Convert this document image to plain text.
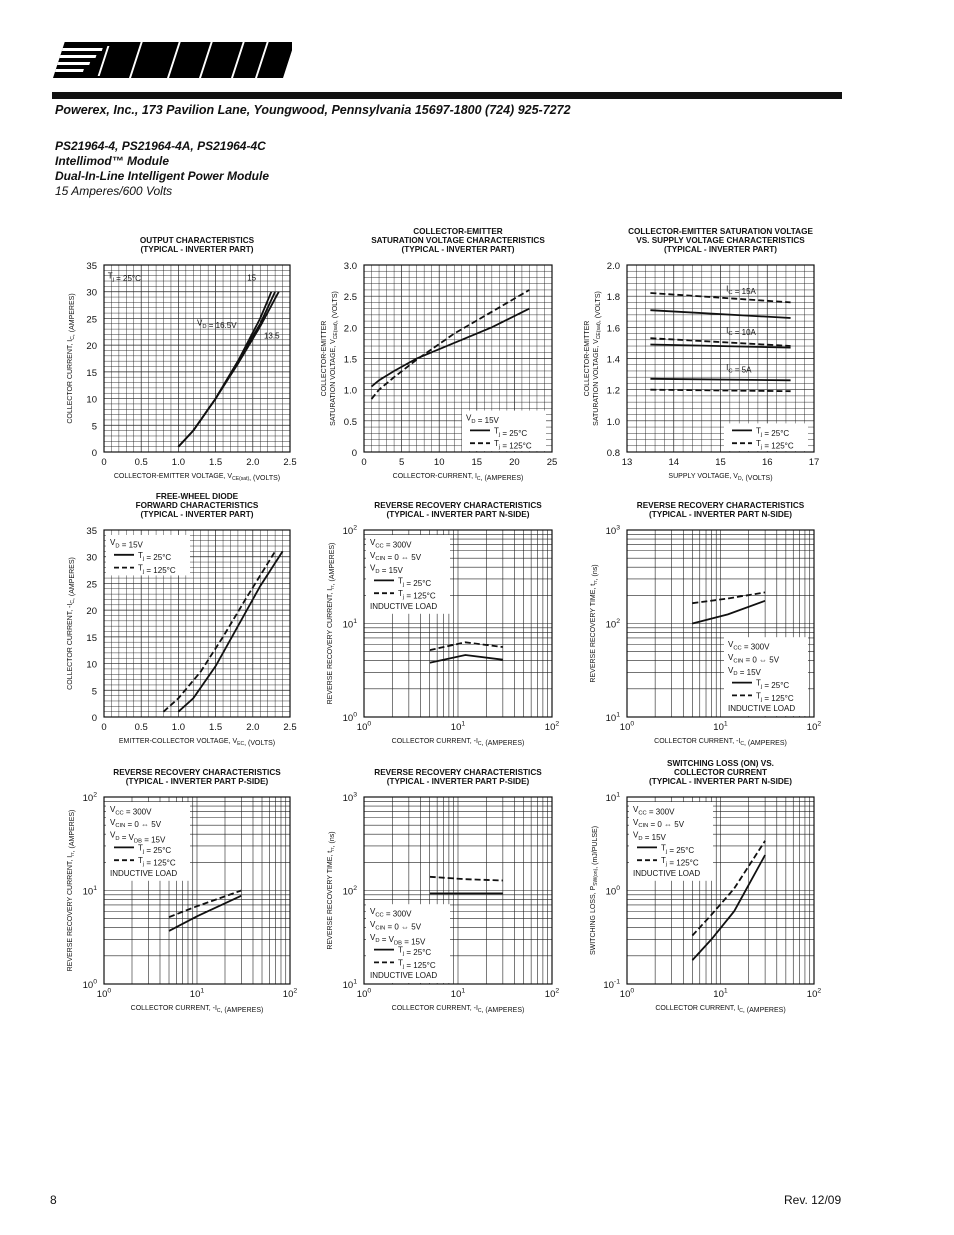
Powerex, Inc., 173 Pavilion Lane, Youngwood, Pennsylvania 15697-1800 (724) 925-7272
PS21964-4, PS21964-4A, PS21964-4C
Intellimod™ Module
Dual-In-Line Intelligent Power Module
15 Amperes/600 Volts
OUTPUT CHARACTERISTICS
(TYPICAL - INVERTER PART)
0	0.5	1.0	1.5	2.0	2.5
0
5
10
15
20
25
30
35
COLLECTOR-EMITTER VOLTAGE, $V_{CE(sat)}$, (VOLTS)
COLLECTOR CURRENT, $I_C$, (AMPERES)
$T_j = 25^\circ C$	15
$V_D = 16.5V$
13.5
COLLECTOR-EMITTER
SATURATION VOLTAGE CHARACTERISTICS
(TYPICAL - INVERTER PART)
0	5	10	15	20	25
0
0.5
1.0
1.5
2.0
2.5
3.0
COLLECTOR-CURRENT, $I_C$, (AMPERES)
COLLECTOR-EMITTER SATURATION VOLTAGE, $V_{CE(sat)}$, (VOLTS)
$V_D = 15V$
$T_j = 25^\circ C$
$T_j = 125^\circ C$
COLLECTOR-EMITTER SATURATION VOLTAGE
VS. SUPPLY VOLTAGE CHARACTERISTICS
(TYPICAL - INVERTER PART)
13	14	15	16	17
0.8
1.0
1.2
1.4
1.6
1.8
2.0
SUPPLY VOLTAGE, $V_D$, (VOLTS)
COLLECTOR-EMITTER SATURATION VOLTAGE, $V_{CE(sat)}$, (VOLTS)
$I_C = 15A$
$I_C = 10A$
$I_C = 5A$
$T_j = 25^\circ C$
$T_j = 125^\circ C$
FREE-WHEEL DIODE
FORWARD CHARACTERISTICS
(TYPICAL - INVERTER PART)
0	0.5	1.0	1.5	2.0	2.5
0
5
10
15
20
25
30
35
EMITTER-COLLECTOR VOLTAGE, $V_{EC}$, (VOLTS)
COLLECTOR CURRENT, $-I_C$, (AMPERES)
$V_D = 15V$
$T_j = 25^\circ C$
$T_j = 125^\circ C$
REVERSE RECOVERY CHARACTERISTICS
(TYPICAL - INVERTER PART N-SIDE)
$10^0$	$10^1$	$10^2$
$10^0$
$10^1$
$10^2$
COLLECTOR CURRENT, $-I_C$, (AMPERES)
REVERSE RECOVERY CURRENT, $I_{rr}$, (AMPERES)
$V_{CC} = 300V$
$V_{CIN} = 0$ ⇔ 5V
$V_D = 15V$
$T_j = 25^\circ C$
$T_j = 125^\circ C$
INDUCTIVE LOAD
REVERSE RECOVERY CHARACTERISTICS
(TYPICAL - INVERTER PART N-SIDE)
$10^0$	$10^1$	$10^2$
$10^1$
$10^2$
$10^3$
COLLECTOR CURRENT, $-I_C$, (AMPERES)
REVERSE RECOVERY TIME, $t_{rr}$, (ns)
$V_{CC} = 300V$
$V_{CIN} = 0$ ⇔ 5V
$V_D = 15V$
$T_j = 25^\circ C$
$T_j = 125^\circ C$
INDUCTIVE LOAD
REVERSE RECOVERY CHARACTERISTICS
(TYPICAL - INVERTER PART P-SIDE)
$10^0$	$10^1$	$10^2$
$10^0$
$10^1$
$10^2$
COLLECTOR CURRENT, $-I_C$, (AMPERES)
REVERSE RECOVERY CURRENT, $I_{rr}$, (AMPERES)
$V_{CC} = 300V$
$V_{CIN} = 0$ ⇔ 5V
$V_D = V_{DB} = 15V$
$T_j = 25^\circ C$
$T_j = 125^\circ C$
INDUCTIVE LOAD
REVERSE RECOVERY CHARACTERISTICS
(TYPICAL - INVERTER PART P-SIDE)
$10^0$	$10^1$	$10^2$
$10^1$
$10^2$
$10^3$
COLLECTOR CURRENT, $-I_C$, (AMPERES)
REVERSE RECOVERY TIME, $t_{rr}$, (ns)
$V_{CC} = 300V$
$V_{CIN} = 0$ ⇔ 5V
$V_D = V_{DB} = 15V$
$T_j = 25^\circ C$
$T_j = 125^\circ C$
INDUCTIVE LOAD
SWITCHING LOSS (ON) VS.
COLLECTOR CURRENT
(TYPICAL - INVERTER PART N-SIDE)
$10^0$	$10^1$	$10^2$
$10^{-1}$
$10^0$
$10^1$
COLLECTOR CURRENT, $I_C$, (AMPERES)
SWITCHING LOSS, $P_{SW(on)}$, (mJ/PULSE)
$V_{CC} = 300V$
$V_{CIN} = 0$ ⇔ 5V
$V_D = 15V$
$T_j = 25^\circ C$
$T_j = 125^\circ C$
INDUCTIVE LOAD
8	Rev. 12/09
